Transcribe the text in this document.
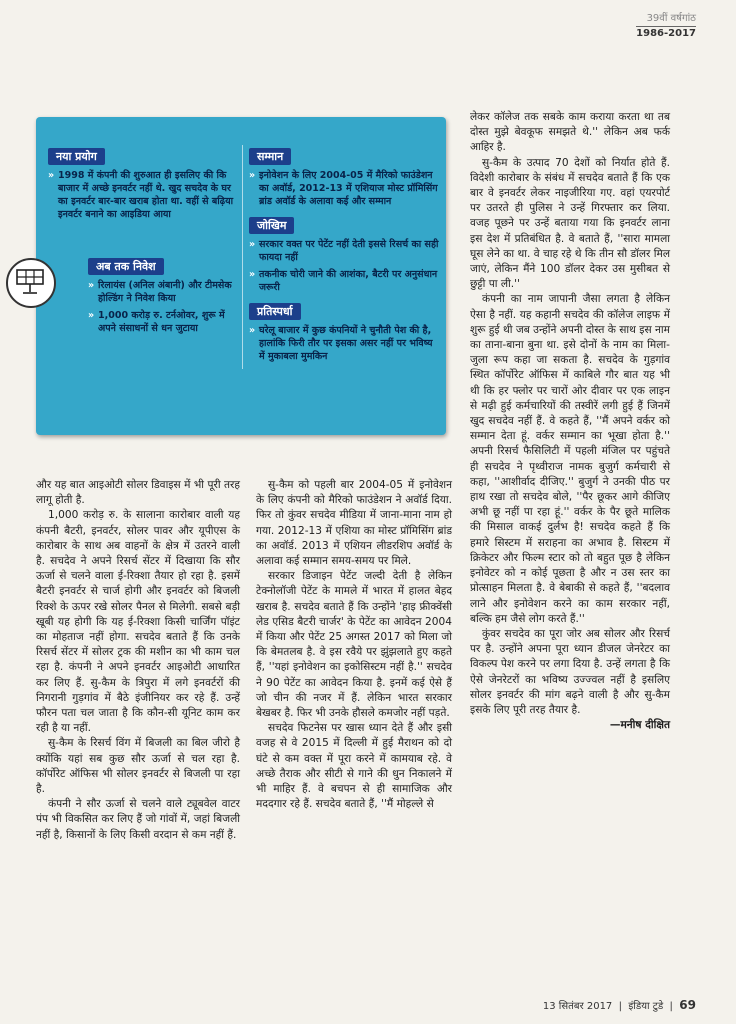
39वीं वर्षगांठ
1986-2017
नया प्रयोग

» 1998 में कंपनी की शुरुआत ही इसलिए की कि बाजार में अच्छे इनवर्टर नहीं थे. खुद सचदेव के घर का इनवर्टर बार-बार खराब होता था. वहीं से बढ़िया इनवर्टर बनाने का आइडिया आया

अब तक निवेश

» रिलायंस (अनिल अंबानी) और टीमसेक होल्डिंग ने निवेश किया

» 1,000 करोड़ रु. टर्नओवर, शुरू में अपने संसाधनों से धन जुटाया

सम्मान

» इनोवेशन के लिए 2004-05 में मैरिको फाउंडेशन का अवॉर्ड, 2012-13 में एशियाज मोस्ट प्रॉमिसिंग ब्रांड अवॉर्ड के अलावा कई और सम्मान

जोखिम

» सरकार वक्त पर पेटेंट नहीं देती इससे रिसर्च का सही फायदा नहीं

» तकनीक चोरी जाने की आशंका, बैटरी पर अनुसंधान जरूरी

प्रतिस्पर्धा

» घरेलू बाजार में कुछ कंपनियों ने चुनौती पेश की है, हालांकि फिरी तौर पर इसका असर नहीं पर भविष्य में मुकाबला मुमकिन

और यह बात आइओटी सोलर डिवाइस में भी पूरी तरह लागू होती है.

1,000 करोड़ रु. के सालाना कारोबार वाली यह कंपनी बैटरी, इनवर्टर, सोलर पावर और यूपीएस के कारोबार के साथ अब वाहनों के क्षेत्र में उतरने वाली है. सचदेव ने अपने रिसर्च सेंटर में दिखाया कि सौर ऊर्जा से चलने वाला ई-रिक्शा तैयार हो रहा है. इसमें बैटरी इनवर्टर से चार्ज होगी और इनवर्टर को बिजली रिक्शे के ऊपर रखे सोलर पैनल से मिलेगी. सबसे बड़ी खूबी यह होगी कि यह ई-रिक्शा किसी चार्जिंग पॉइंट का मोहताज नहीं होगा. सचदेव बताते हैं कि उनके रिसर्च सेंटर में सोलर ट्रक की मशीन का भी काम चल रहा है. कंपनी ने अपने इनवर्टर आइओटी आधारित कर लिए हैं. सु-कैम के त्रिपुरा में लगे इनवर्टरों की निगरानी गुड़गांव में बैठे इंजीनियर कर रहे हैं. उन्हें फौरन पता चल जाता है कि कौन-सी यूनिट काम कर रही है या नहीं.

सु-कैम के रिसर्च विंग में बिजली का बिल जीरो है क्योंकि यहां सब कुछ सौर ऊर्जा से चल रहा है. कॉर्पोरेट ऑफिस भी सोलर इनवर्टर से बिजली पा रहा है.

कंपनी ने सौर ऊर्जा से चलने वाले ट्यूबवेल वाटर पंप भी विकसित कर लिए हैं जो गांवों में, जहां बिजली नहीं है, किसानों के लिए किसी वरदान से कम नहीं हैं.

सु-कैम को पहली बार 2004-05 में इनोवेशन के लिए कंपनी को मैरिको फाउंडेशन ने अवॉर्ड दिया. फिर तो कुंवर सचदेव मीडिया में जाना-माना नाम हो गया. 2012-13 में एशिया का मोस्ट प्रॉमिसिंग ब्रांड का अवॉर्ड. 2013 में एशियन लीडरशिप अवॉर्ड के अलावा कई सम्मान समय-समय पर मिले.

सरकार डिजाइन पेटेंट जल्दी देती है लेकिन टेक्नोलॉजी पेटेंट के मामले में भारत में हालत बेहद खराब है. सचदेव बताते हैं कि उन्होंने 'हाइ फ्रीक्वेंसी लेड एसिड बैटरी चार्जर' के पेटेंट का आवेदन 2004 में किया और पेटेंट 25 अगस्त 2017 को मिला जो कि बेमतलब है. वे इस रवैये पर झुंझलाते हुए कहते हैं, ''यहां इनोवेशन का इकोसिस्टम नहीं है.'' सचदेव ने 90 पेटेंट का आवेदन किया है. इनमें कई ऐसे हैं जो चीन की नजर में हैं. लेकिन भारत सरकार बेखबर है. फिर भी उनके हौसले कमजोर नहीं पड़ते.

सचदेव फिटनेस पर खास ध्यान देते हैं और इसी वजह से वे 2015 में दिल्ली में हुई मैराथन को दो घंटे से कम वक्त में पूरा करने में कामयाब रहे. वे अच्छे तैराक और सीटी से गाने की धुन निकालने में भी माहिर हैं. वे बचपन से ही सामाजिक और मददगार रहे हैं. सचदेव बताते हैं, ''मैं मोहल्ले से

लेकर कॉलेज तक सबके काम कराया करता था तब दोस्त मुझे बेवकूफ समझते थे.'' लेकिन अब फर्क आहिर है.

सु-कैम के उत्पाद 70 देशों को निर्यात होते हैं. विदेशी कारोबार के संबंध में सचदेव बताते हैं कि एक बार वे इनवर्टर लेकर नाइजीरिया गए. वहां एयरपोर्ट पर उतरते ही पुलिस ने उन्हें गिरफ्तार कर लिया. वजह पूछने पर उन्हें बताया गया कि इनवर्टर लाना इस देश में प्रतिबंधित है. वे बताते हैं, ''सारा मामला घूस लेने का था. वे चाह रहे थे कि तीन सौ डॉलर मिल जाएं, लेकिन मैंने 100 डॉलर देकर उस मुसीबत से छुट्टी पा ली.''

कंपनी का नाम जापानी जैसा लगता है लेकिन ऐसा है नहीं. यह कहानी सचदेव की कॉलेज लाइफ में शुरू हुई थी जब उन्होंने अपनी दोस्त के साथ इस नाम का ताना-बाना बुना था. इसे दोनों के नाम का मिला-जुला रूप कहा जा सकता है. सचदेव के गुड़गांव स्थित कॉर्पोरेट ऑफिस में काबिले गौर बात यह भी थी कि हर फ्लोर पर चारों ओर दीवार पर एक लाइन से मढ़ी हुई कर्मचारियों की तस्वीरें लगी हुई हैं जिनमें खुद सचदेव नहीं हैं. वे कहते हैं, ''मैं अपने वर्कर को सम्मान देता हूं. वर्कर सम्मान का भूखा होता है.'' अपनी रिसर्च फैसिलिटी में पहली मंजिल पर पहुंचते ही सचदेव ने पृथ्वीराज नामक बुजुर्ग कर्मचारी से कहा, ''आशीर्वाद दीजिए.'' बुजुर्ग ने उनकी पीठ पर हाथ रखा तो सचदेव बोले, ''पैर छूकर आगे कीजिए अभी छू नहीं पा रहा हूं.'' वर्कर के पैर छूते मालिक की मिसाल वाकई दुर्लभ है! सचदेव कहते हैं कि हमारे सिस्टम में सराहना का अभाव है. सिस्टम में क्रिकेटर और फिल्म स्टार को तो बहुत पूछ है लेकिन इनोवेटर को न कोई पूछता है और न उस स्तर का प्रोत्साहन मिलता है. वे बेबाकी से कहते हैं, ''बदलाव लाने और इनोवेशन करने का काम सरकार नहीं, बल्कि हम जैसे लोग करते हैं.''

कुंवर सचदेव का पूरा जोर अब सोलर और रिसर्च पर है. उन्होंने अपना पूरा ध्यान डीजल जेनरेटर का विकल्प पेश करने पर लगा दिया है. उन्हें लगता है कि ऐसे जेनरेटरों का भविष्य उज्ज्वल नहीं है इसलिए सोलर इनवर्टर की मांग बढ़ने वाली है और सु-कैम इसके लिए पूरी तरह तैयार है.

—मनीष दीक्षित
13 सितंबर 2017  |  इंडिया टुडे  |  69
